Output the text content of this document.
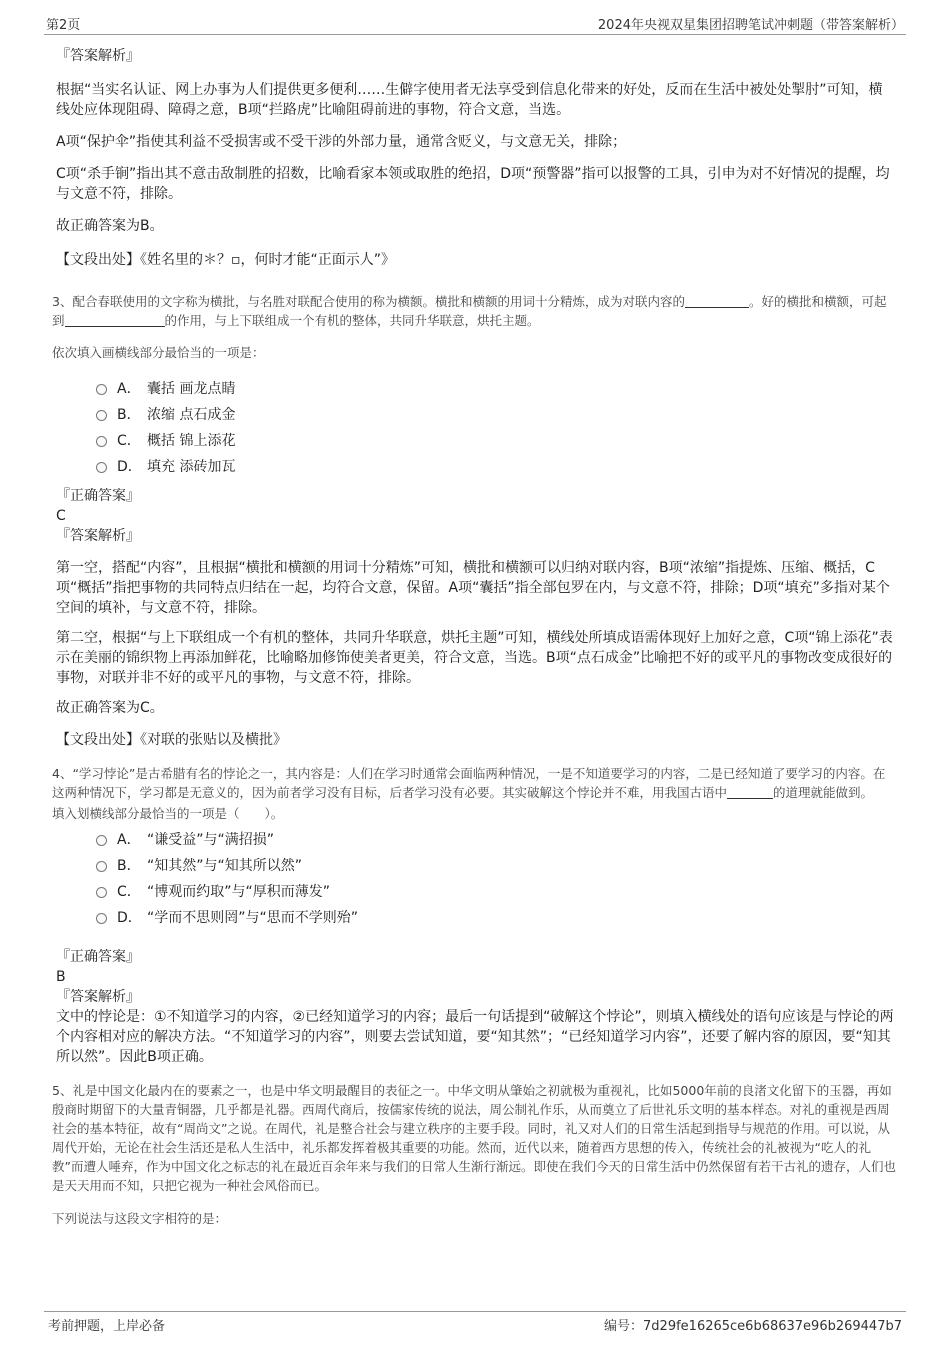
第2页	2024年央视双星集团招聘笔试冲刺题（带答案解析）
『答案解析』

根据“当实名认证、网上办事为人们提供更多便利……生僻字使用者无法享受到信息化带来的好处，反而在生活中被处处掣肘”可知，横线处应体现阻碍、障碍之意，B项“拦路虎”比喻阻碍前进的事物，符合文意，当选。

A项“保护伞”指使其利益不受损害或不受干涉的外部力量，通常含贬义，与文意无关，排除；

C项“杀手锏”指出其不意击敌制胜的招数，比喻看家本领或取胜的绝招，D项“预警器”指可以报警的工具，引申为对不好情况的提醒，均与文意不符，排除。

故正确答案为B。

【文段出处】《姓名里的＊？▫，何时才能“正面示人”》

3、配合春联使用的文字称为横批，与名胜对联配合使用的称为横额。横批和横额的用词十分精炼，成为对联内容的	。好的横批和横额，可起到	的作用，与上下联组成一个有机的整体，共同升华联意，烘托主题。

依次填入画横线部分最恰当的一项是：

A． 囊括 画龙点睛
B． 浓缩 点石成金
C． 概括 锦上添花
D． 填充 添砖加瓦
『正确答案』
C
『答案解析』

第一空，搭配“内容”，且根据“横批和横额的用词十分精炼”可知，横批和横额可以归纳对联内容，B项“浓缩”指提炼、压缩、概括，C项“概括”指把事物的共同特点归结在一起，均符合文意，保留。A项“囊括”指全部包罗在内，与文意不符，排除；D项“填充”多指对某个空间的填补，与文意不符，排除。

第二空，根据“与上下联组成一个有机的整体，共同升华联意，烘托主题”可知，横线处所填成语需体现好上加好之意，C项“锦上添花”表示在美丽的锦织物上再添加鲜花，比喻略加修饰使美者更美，符合文意，当选。B项“点石成金”比喻把不好的或平凡的事物改变成很好的事物，对联并非不好的或平凡的事物，与文意不符，排除。

故正确答案为C。

【文段出处】《对联的张贴以及横批》

4、“学习悖论”是古希腊有名的悖论之一，其内容是：人们在学习时通常会面临两种情况，一是不知道要学习的内容，二是已经知道了要学习的内容。在这两种情况下，学习都是无意义的，因为前者学习没有目标，后者学习没有必要。其实破解这个悖论并不难，用我国古语中	的道理就能做到。

填入划横线部分最恰当的一项是（　　）。

A． “谦受益”与“满招损”
B． “知其然”与“知其所以然”
C． “博观而约取”与“厚积而薄发”
D． “学而不思则罔”与“思而不学则殆”
『正确答案』
B
『答案解析』

文中的悖论是：①不知道学习的内容，②已经知道学习的内容；最后一句话提到“破解这个悖论”，则填入横线处的语句应该是与悖论的两个内容相对应的解决方法。“不知道学习的内容”，则要去尝试知道，要“知其然”；“已经知道学习内容”，还要了解内容的原因，要“知其所以然”。因此B项正确。

5、礼是中国文化最内在的要素之一，也是中华文明最醒目的表征之一。中华文明从肇始之初就极为重视礼，比如5000年前的良渚文化留下的玉器，再如殷商时期留下的大量青铜器，几乎都是礼器。西周代商后，按儒家传统的说法，周公制礼作乐，从而奠立了后世礼乐文明的基本样态。对礼的重视是西周社会的基本特征，故有“周尚文”之说。在周代，礼是整合社会与建立秩序的主要手段。同时，礼又对人们的日常生活起到指导与规范的作用。可以说，从周代开始，无论在社会生活还是私人生活中，礼乐都发挥着极其重要的功能。然而，近代以来，随着西方思想的传入，传统社会的礼被视为“吃人的礼教”而遭人唾弃，作为中国文化之标志的礼在最近百余年来与我们的日常人生渐行渐远。即使在我们今天的日常生活中仍然保留有若干古礼的遗存，人们也是天天用而不知，只把它视为一种社会风俗而已。

下列说法与这段文字相符的是：

考前押题，上岸必备	编号：7d29fe16265ce6b68637e96b269447b7
